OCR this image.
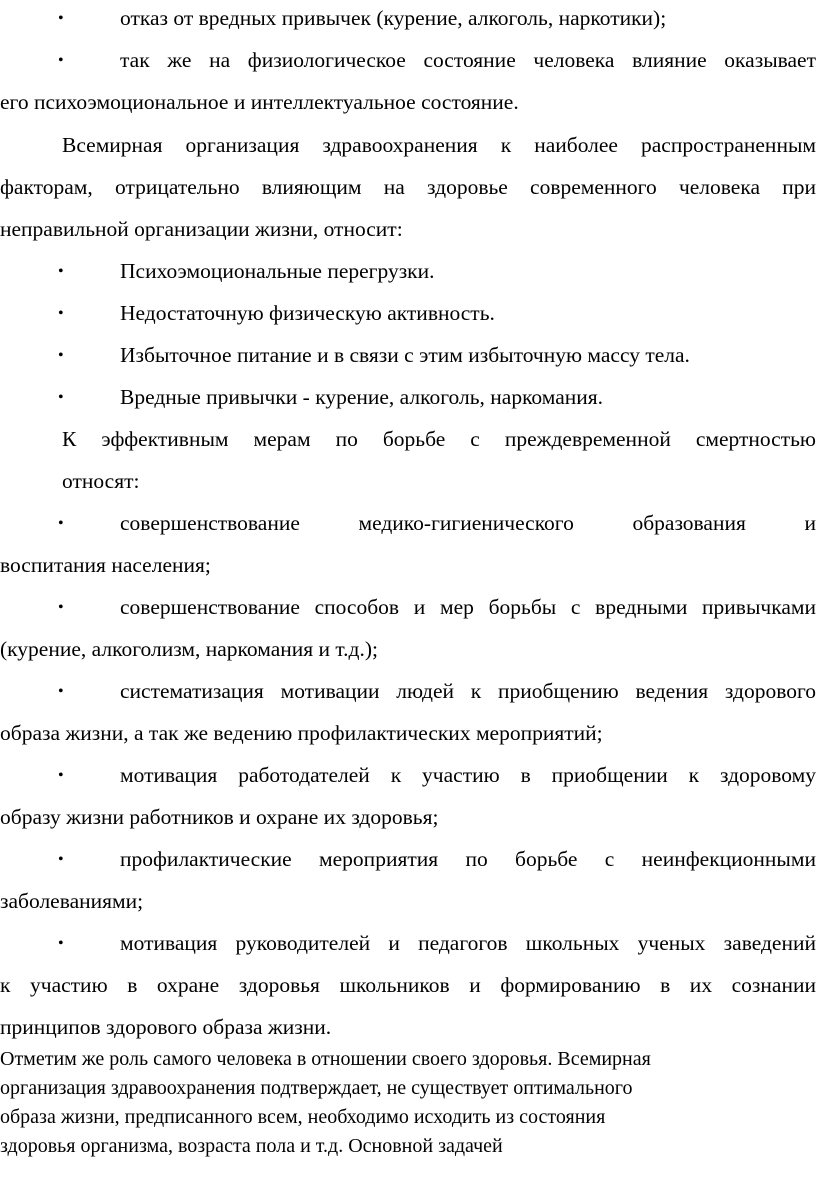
•	отказ от вредных привычек (курение, алкоголь, наркотики);

•	так же на физиологическое состояние человека влияние оказывает

его психоэмоциональное и интеллектуальное состояние.

Всемирная организация здравоохранения к наиболее распространенным

факторам, отрицательно влияющим на здоровье современного человека при

неправильной организации жизни, относит:

•	Психоэмоциональные перегрузки.

•	Недостаточную физическую активность.

•	Избыточное питание и в связи с этим избыточную массу тела.

•	Вредные привычки - курение, алкоголь, наркомания.

К эффективным мерам по борьбе с преждевременной смертностью

относят:

•	совершенствование медико-гигиенического образования и

воспитания населения;

•	совершенствование способов и мер борьбы с вредными привычками

(курение, алкоголизм, наркомания и т.д.);

•	систематизация мотивации людей к приобщению ведения здорового

образа жизни, а так же ведению профилактических мероприятий;

•	мотивация работодателей к участию в приобщении к здоровому

образу жизни работников и охране их здоровья;

•	профилактические мероприятия по борьбе с неинфекционными

заболеваниями;

•	мотивация руководителей и педагогов школьных ученых заведений

к участию в охране здоровья школьников и формированию в их сознании

принципов здорового образа жизни.

Отметим же роль самого человека в отношении своего здоровья. Всемирная

организация здравоохранения подтверждает, не существует оптимального

образа жизни, предписанного всем, необходимо исходить из состояния

здоровья организма, возраста пола и т.д. Основной задачей
